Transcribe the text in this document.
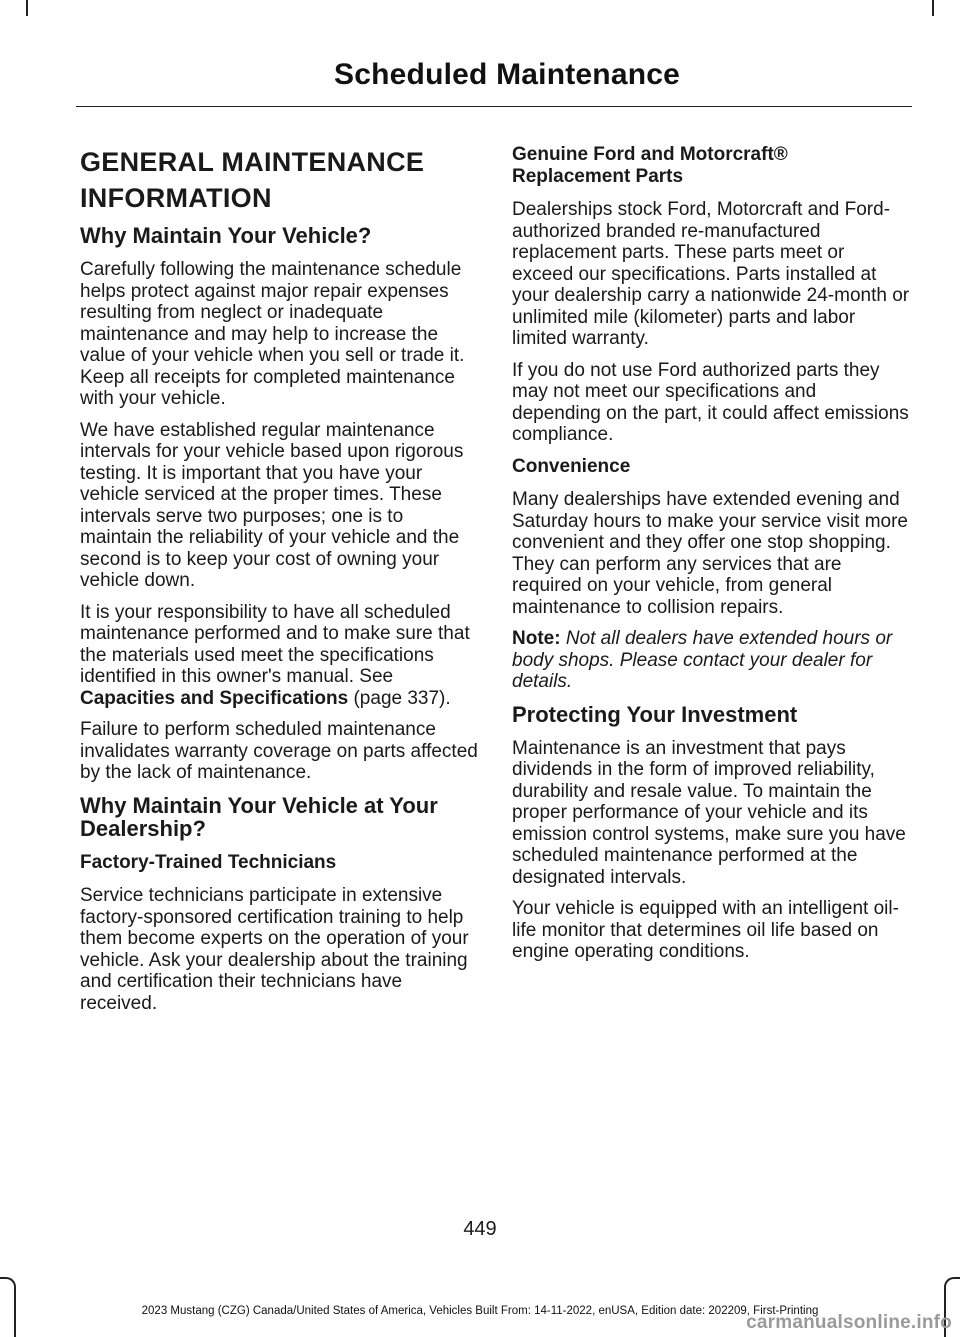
Scheduled Maintenance
GENERAL MAINTENANCE
INFORMATION
Why Maintain Your Vehicle?

Carefully following the maintenance schedule helps protect against major repair expenses resulting from neglect or inadequate maintenance and may help to increase the value of your vehicle when you sell or trade it. Keep all receipts for completed maintenance with your vehicle.

We have established regular maintenance intervals for your vehicle based upon rigorous testing. It is important that you have your vehicle serviced at the proper times. These intervals serve two purposes; one is to maintain the reliability of your vehicle and the second is to keep your cost of owning your vehicle down.

It is your responsibility to have all scheduled maintenance performed and to make sure that the materials used meet the specifications identified in this owner's manual. See Capacities and Specifications (page 337).

Failure to perform scheduled maintenance invalidates warranty coverage on parts affected by the lack of maintenance.

Why Maintain Your Vehicle at Your Dealership?
Factory-Trained Technicians

Service technicians participate in extensive factory-sponsored certification training to help them become experts on the operation of your vehicle. Ask your dealership about the training and certification their technicians have received.

Genuine Ford and Motorcraft® Replacement Parts

Dealerships stock Ford, Motorcraft and Ford-authorized branded re-manufactured replacement parts. These parts meet or exceed our specifications. Parts installed at your dealership carry a nationwide 24-month or unlimited mile (kilometer) parts and labor limited warranty.

If you do not use Ford authorized parts they may not meet our specifications and depending on the part, it could affect emissions compliance.

Convenience

Many dealerships have extended evening and Saturday hours to make your service visit more convenient and they offer one stop shopping. They can perform any services that are required on your vehicle, from general maintenance to collision repairs.

Note: Not all dealers have extended hours or body shops. Please contact your dealer for details.

Protecting Your Investment

Maintenance is an investment that pays dividends in the form of improved reliability, durability and resale value. To maintain the proper performance of your vehicle and its emission control systems, make sure you have scheduled maintenance performed at the designated intervals.

Your vehicle is equipped with an intelligent oil-life monitor that determines oil life based on engine operating conditions.

449
2023 Mustang (CZG) Canada/United States of America, Vehicles Built From: 14-11-2022, enUSA, Edition date: 202209, First-Printing
carmanualsonline.info
